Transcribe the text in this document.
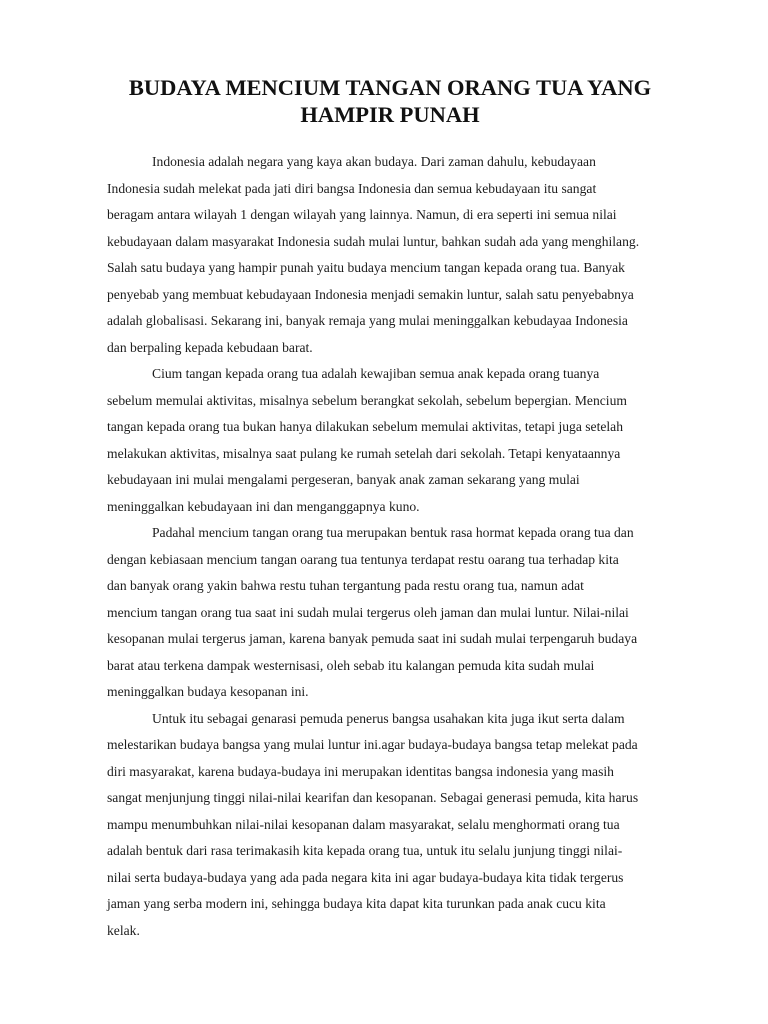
BUDAYA MENCIUM TANGAN ORANG TUA YANG
HAMPIR PUNAH

Indonesia adalah negara yang kaya akan budaya. Dari zaman dahulu, kebudayaan
Indonesia sudah melekat pada jati diri bangsa Indonesia dan semua kebudayaan itu sangat
beragam antara wilayah 1 dengan wilayah yang lainnya. Namun, di era seperti ini semua nilai
kebudayaan dalam masyarakat Indonesia sudah mulai luntur, bahkan sudah ada yang menghilang.
Salah satu budaya yang hampir punah yaitu budaya mencium tangan kepada orang tua. Banyak
penyebab yang membuat kebudayaan Indonesia menjadi semakin luntur, salah satu penyebabnya
adalah globalisasi. Sekarang ini, banyak remaja yang mulai meninggalkan kebudayaa Indonesia
dan berpaling kepada kebudaan barat.

Cium tangan kepada orang tua adalah kewajiban semua anak kepada orang tuanya
sebelum memulai aktivitas, misalnya sebelum berangkat sekolah, sebelum bepergian. Mencium
tangan kepada orang tua bukan hanya dilakukan sebelum memulai aktivitas, tetapi juga setelah
melakukan aktivitas, misalnya saat pulang ke rumah setelah dari sekolah. Tetapi kenyataannya
kebudayaan ini mulai mengalami pergeseran, banyak anak zaman sekarang yang mulai
meninggalkan kebudayaan ini dan menganggapnya kuno.

Padahal mencium tangan orang tua merupakan bentuk rasa hormat kepada orang tua dan
dengan kebiasaan mencium tangan oarang tua tentunya terdapat restu oarang tua terhadap kita
dan banyak orang yakin bahwa restu tuhan tergantung pada restu orang tua, namun adat
mencium tangan orang tua saat ini sudah mulai tergerus oleh jaman dan mulai luntur. Nilai-nilai
kesopanan mulai tergerus jaman, karena banyak pemuda saat ini sudah mulai terpengaruh budaya
barat atau terkena dampak westernisasi, oleh sebab itu kalangan pemuda kita sudah mulai
meninggalkan budaya kesopanan ini.

Untuk itu sebagai genarasi pemuda penerus bangsa usahakan kita juga ikut serta dalam
melestarikan budaya bangsa yang mulai luntur ini.agar budaya-budaya bangsa tetap melekat pada
diri masyarakat, karena budaya-budaya ini merupakan identitas bangsa indonesia yang masih
sangat menjunjung tinggi nilai-nilai kearifan dan kesopanan. Sebagai generasi pemuda, kita harus
mampu menumbuhkan nilai-nilai kesopanan dalam masyarakat, selalu menghormati orang tua
adalah bentuk dari rasa terimakasih kita kepada orang tua, untuk itu selalu junjung tinggi nilai-
nilai serta budaya-budaya yang ada pada negara kita ini agar budaya-budaya kita tidak tergerus
jaman yang serba modern ini, sehingga budaya kita dapat kita turunkan pada anak cucu kita
kelak.
